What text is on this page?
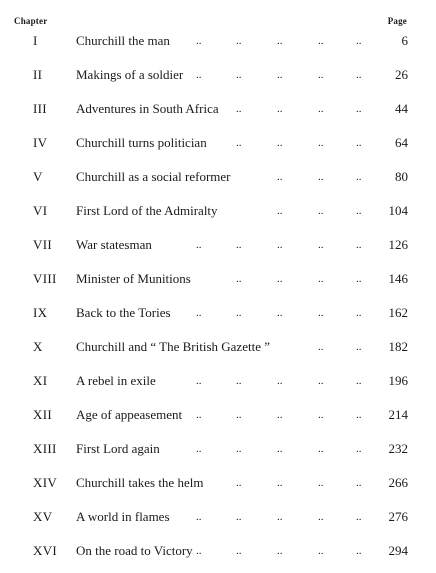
Chapter	Page
I	Churchill the man ..	..	..	..	..	6
II	Makings of a soldier ..	..	..	..	..	26
III Adventures in South Africa ..	..	..	..	44
IV Churchill turns politician	..	..	..	..	64
V	Churchill as a social reformer	..	..	..	80
VI First Lord of the Admiralty	..	..	.. 104
VII War statesman	..	..	..	..	.. 126
VIII Minister of Munitions	..	..	..	.. 146
IX Back to the Tories ..	..	..	..	.. 162
X	Churchill and “ The British Gazette ”	..	.. 182
XI A rebel in exile	..	..	..	..	.. 196
XII Age of appeasement ..	..	..	..	.. 214
XIII First Lord again	..	..	..	..	.. 232
XIV Churchill takes the helm	..	..	..	.. 266
XV A world in flames ..	..	..	..	.. 276
XVI On the road to Victory ..	..	..	..	.. 294
